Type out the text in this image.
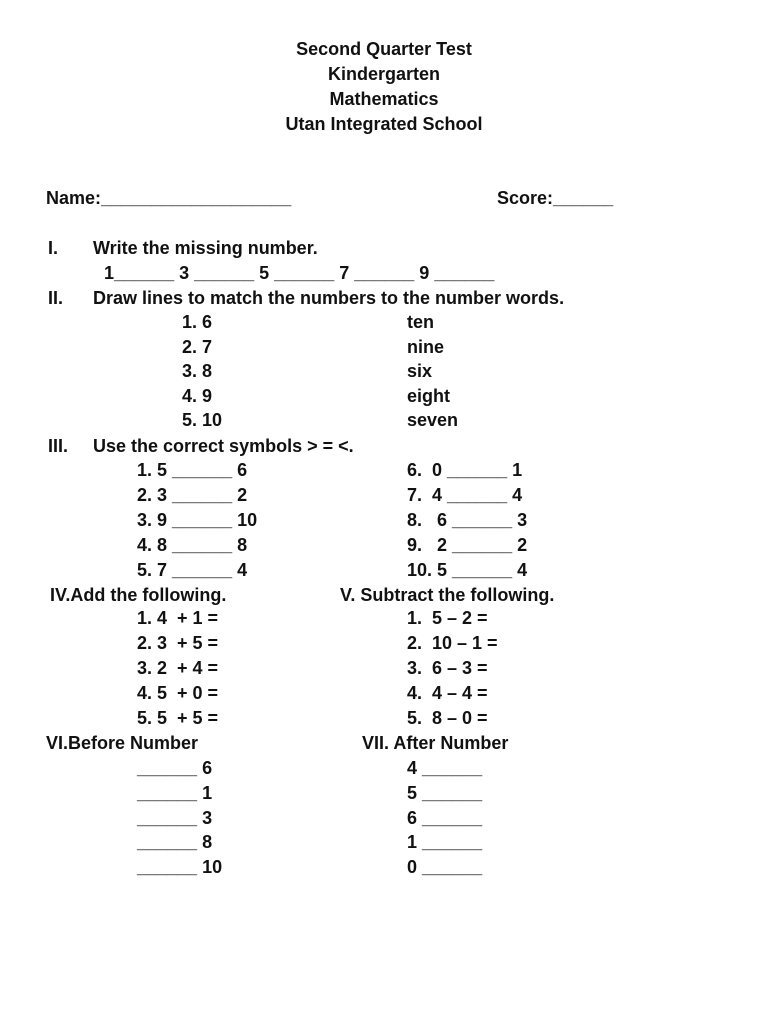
Second Quarter Test
Kindergarten
Mathematics
Utan Integrated School
Name:___________________	Score:______
I. Write the missing number.
1______ 3 ______ 5 ______ 7 ______ 9 ______
II. Draw lines to match the numbers to the number words.
1. 6
2. 7
3. 8
4. 9
5. 10
ten
nine
six
eight
seven
III. Use the correct symbols > = <.
1. 5 ______ 6
2. 3 ______ 2
3. 9 ______ 10
4. 8 ______ 8
5. 7 ______ 4
6.  0 ______ 1
7.  4 ______ 4
8.   6 ______ 3
9.   2 ______ 2
10. 5 ______ 4
IV.Add the following.	V. Subtract the following.
1. 4  + 1 =
2. 3  + 5 =
3. 2  + 4 =
4. 5  + 0 =
5. 5  + 5 =
1.  5 – 2 =
2.  10 – 1 =
3.  6 – 3 =
4.  4 – 4 =
5.  8 – 0 =
VI.Before Number	VII. After Number
______ 6
______ 1
______ 3
______ 8
______ 10
4 ______
5 ______
6 ______
1 ______
0 ______
